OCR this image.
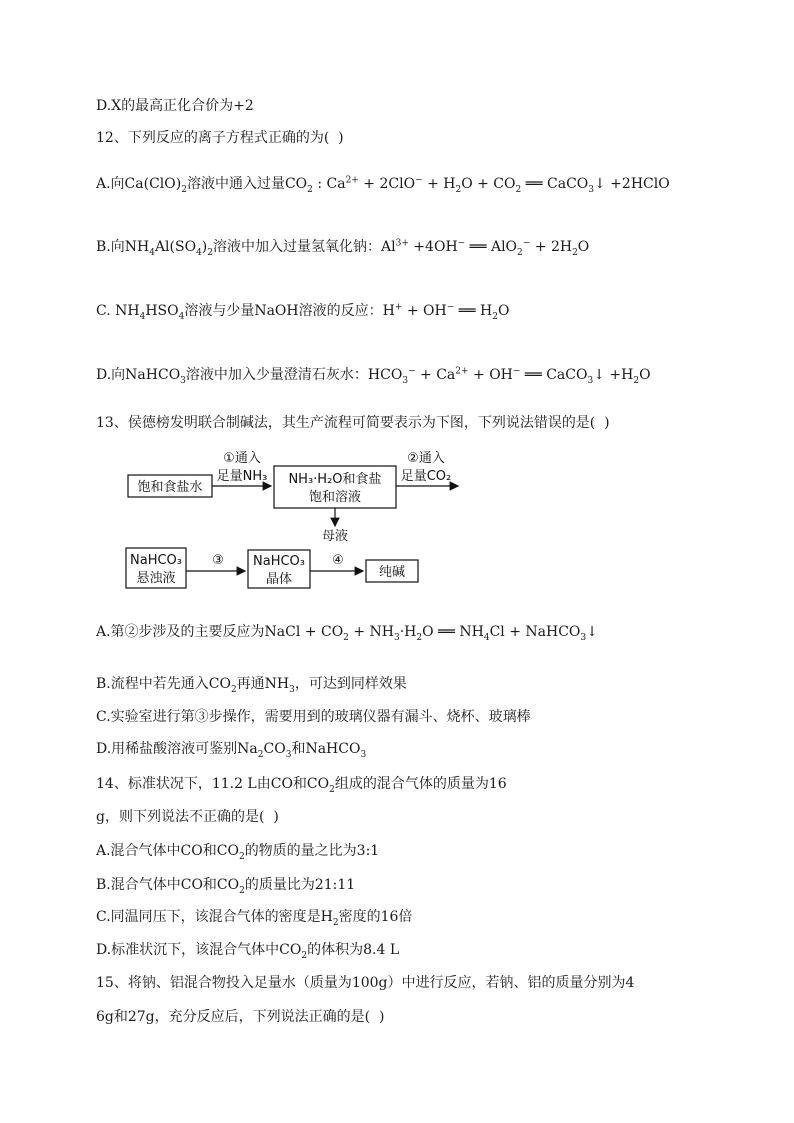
D.X的最高正化合价为+2
12、下列反应的离子方程式正确的为(  )
A.向$Ca(ClO)_2$溶液中通入过量$CO_2$ : $Ca^{2+} + 2ClO^- + H_2O + CO_2$ ══ CaCO$_3$↓ +2HClO
B.向$NH_4Al(SO_4)_2$溶液中加入过量氢氧化钠：$Al^{3+} +4OH^-$ ══ $AlO_2^- + 2H_2O$
C. $NH_4HSO_4$溶液与少量NaOH溶液的反应：H+ + OH− ══ $H_2O$
D.向NaHCO$_3$溶液中加入少量澄清石灰水：$HCO_3^- + Ca^{2+} + OH^-$ ══ CaCO$_3$↓ $+H_2O$
13、侯德榜发明联合制碱法，其生产流程可简要表示为下图，下列说法错误的是(  )
饱和食盐水
①通入
足量NH₃ NH₃·H₂O和食盐
饱和溶液
②通入
足量CO₂
母液
NaHCO₃
悬浊液
③ NaHCO₃
晶体
④
纯碱
A.第②步涉及的主要反应为NaCl + $CO_2 + NH_3\cdot H_2O$ ══ $NH_4Cl$ + NaHCO$_3$↓
B.流程中若先通入$CO_2$再通$NH_3$，可达到同样效果
C.实验室进行第③步操作，需要用到的玻璃仪器有漏斗、烧杯、玻璃棒
D.用稀盐酸溶液可鉴别$Na_2CO_3$和NaHCO$_3$
14、标准状况下，11.2 L由CO和$CO_2$组成的混合气体的质量为16
g，则下列说法不正确的是(  )
A.混合气体中CO和$CO_2$的物质的量之比为3:1
B.混合气体中CO和$CO_2$的质量比为21:11
C.同温同压下，该混合气体的密度是$H_2$密度的16倍
D.标准状沉下，该混合气体中$CO_2$的体积为8.4 L
15、将钠、铝混合物投入足量水（质量为100g）中进行反应，若钠、铝的质量分别为4
6g和27g，充分反应后，下列说法正确的是(  )
